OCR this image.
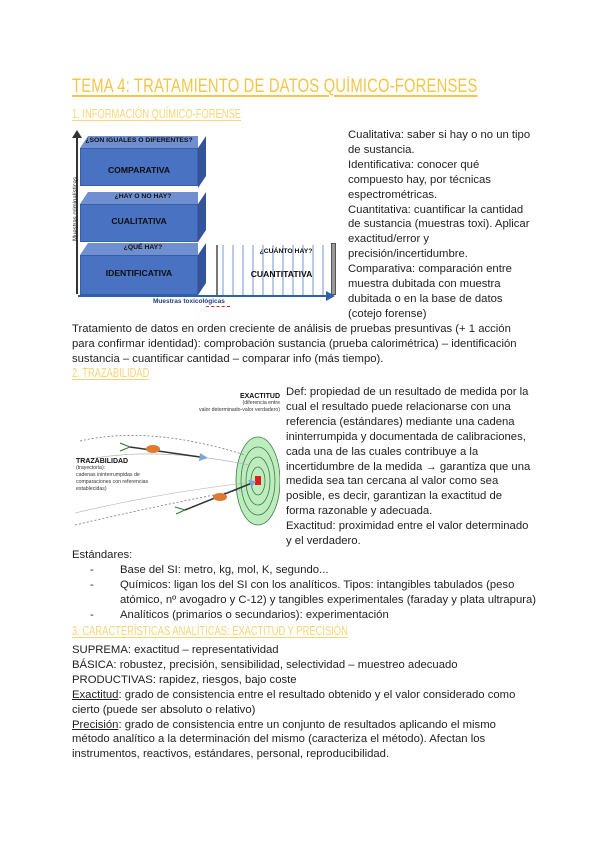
TEMA 4: TRATAMIENTO DE DATOS QUÍMICO-FORENSES
1. INFORMACIÓN QUÍMICO-FORENSE
Muestras criminalísticas
¿SON IGUALES O DIFERENTES?
COMPARATIVA
¿HAY O NO HAY?
CUALITATIVA
¿QUÉ HAY?
IDENTIFICATIVA
¿CUÁNTO HAY?
CUANTITATIVA
Muestras toxicológicas
Cualitativa: saber si hay o no un tipo
de sustancia.
Identificativa: conocer qué
compuesto hay, por técnicas
espectrométricas.
Cuantitativa: cuantificar la cantidad
de sustancia (muestras toxi). Aplicar
exactitud/error y
precisión/incertidumbre.
Comparativa: comparación entre
muestra dubitada con muestra
dubitada o en la base de datos
(cotejo forense)
Tratamiento de datos en orden creciente de análisis de pruebas presuntivas (+ 1 acción
para confirmar identidad): comprobación sustancia (prueba calorimétrica) – identificación
sustancia – cuantificar cantidad – comparar info (más tiempo).
2. TRAZABILIDAD
EXACTITUD
(diferencia entre
valor determinado-valor verdadero)
TRAZABILIDAD
(trayectoria):
cadenas ininterrumpidas de
comparaciones con referencias
establecidas)
Def: propiedad de un resultado de medida por la
cual el resultado puede relacionarse con una
referencia (estándares) mediante una cadena
ininterrumpida y documentada de calibraciones,
cada una de las cuales contribuye a la
incertidumbre de la medida → garantiza que una
medida sea tan cercana al valor como sea
posible, es decir, garantizan la exactitud de
forma razonable y adecuada.
Exactitud: proximidad entre el valor determinado
y el verdadero.
Estándares:
- Base del SI: metro, kg, mol, K, segundo...
- Químicos: ligan los del SI con los analíticos. Tipos: intangibles tabulados (peso
atómico, nº avogadro y C-12) y tangibles experimentales (faraday y plata ultrapura)
- Analíticos (primarios o secundarios): experimentación
3. CARACTERÍSTICAS ANALÍTICAS: EXACTITUD Y PRECISIÓN
SUPREMA: exactitud – representatividad
BÁSICA: robustez, precisión, sensibilidad, selectividad – muestreo adecuado
PRODUCTIVAS: rapidez, riesgos, bajo coste
Exactitud: grado de consistencia entre el resultado obtenido y el valor considerado como
cierto (puede ser absoluto o relativo)
Precisión: grado de consistencia entre un conjunto de resultados aplicando el mismo
método analítico a la determinación del mismo (caracteriza el método). Afectan los
instrumentos, reactivos, estándares, personal, reproducibilidad.
